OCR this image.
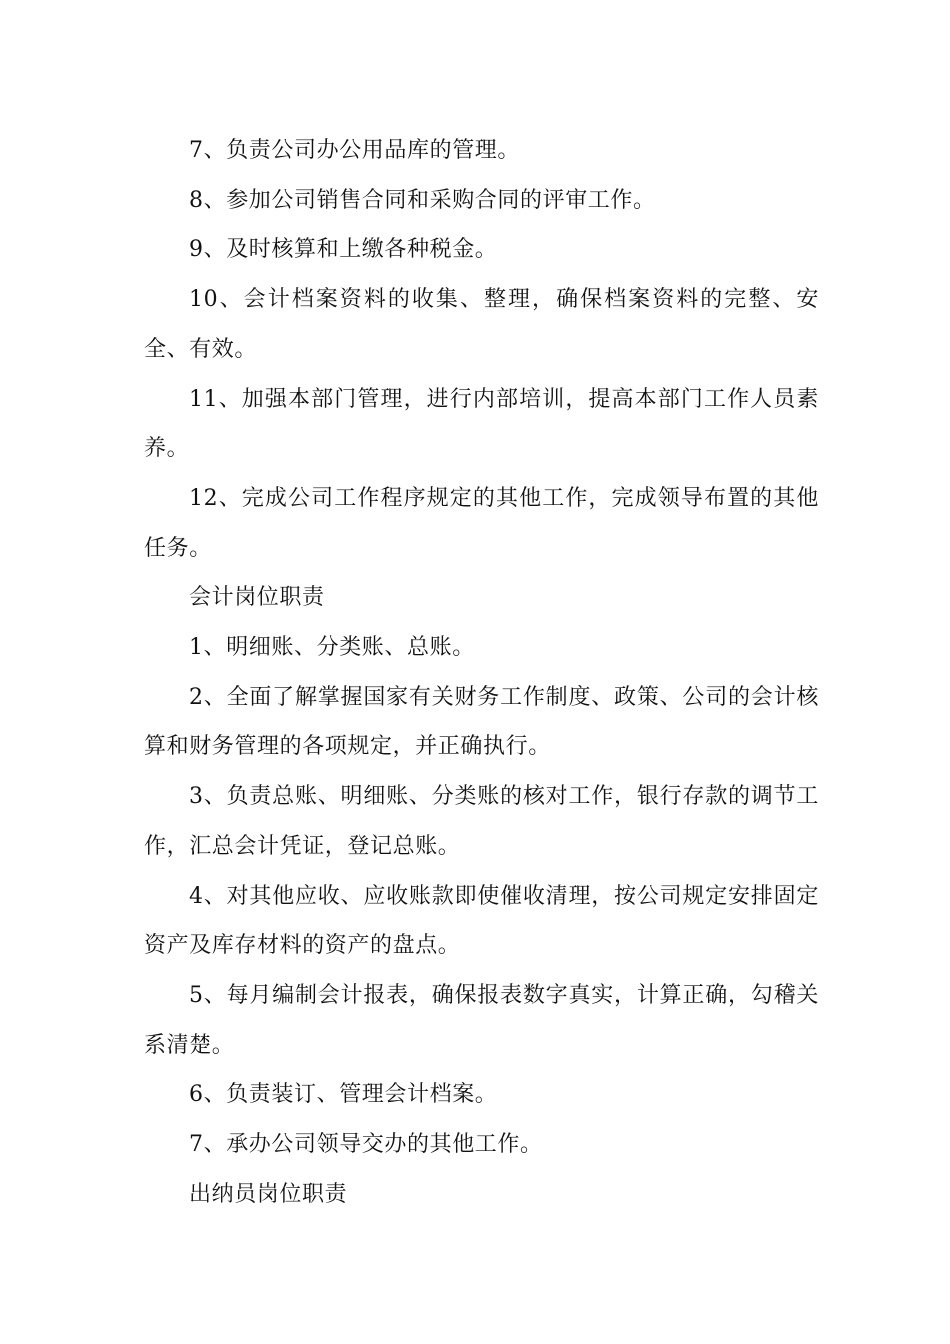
7、负责公司办公用品库的管理。

8、参加公司销售合同和采购合同的评审工作。

9、及时核算和上缴各种税金。

10、会计档案资料的收集、整理，确保档案资料的完整、安全、有效。

11、加强本部门管理，进行内部培训，提高本部门工作人员素养。

12、完成公司工作程序规定的其他工作，完成领导布置的其他任务。

会计岗位职责

1、明细账、分类账、总账。

2、全面了解掌握国家有关财务工作制度、政策、公司的会计核算和财务管理的各项规定，并正确执行。

3、负责总账、明细账、分类账的核对工作，银行存款的调节工作，汇总会计凭证，登记总账。

4、对其他应收、应收账款即使催收清理，按公司规定安排固定资产及库存材料的资产的盘点。

5、每月编制会计报表，确保报表数字真实，计算正确，勾稽关系清楚。

6、负责装订、管理会计档案。

7、承办公司领导交办的其他工作。

出纳员岗位职责
